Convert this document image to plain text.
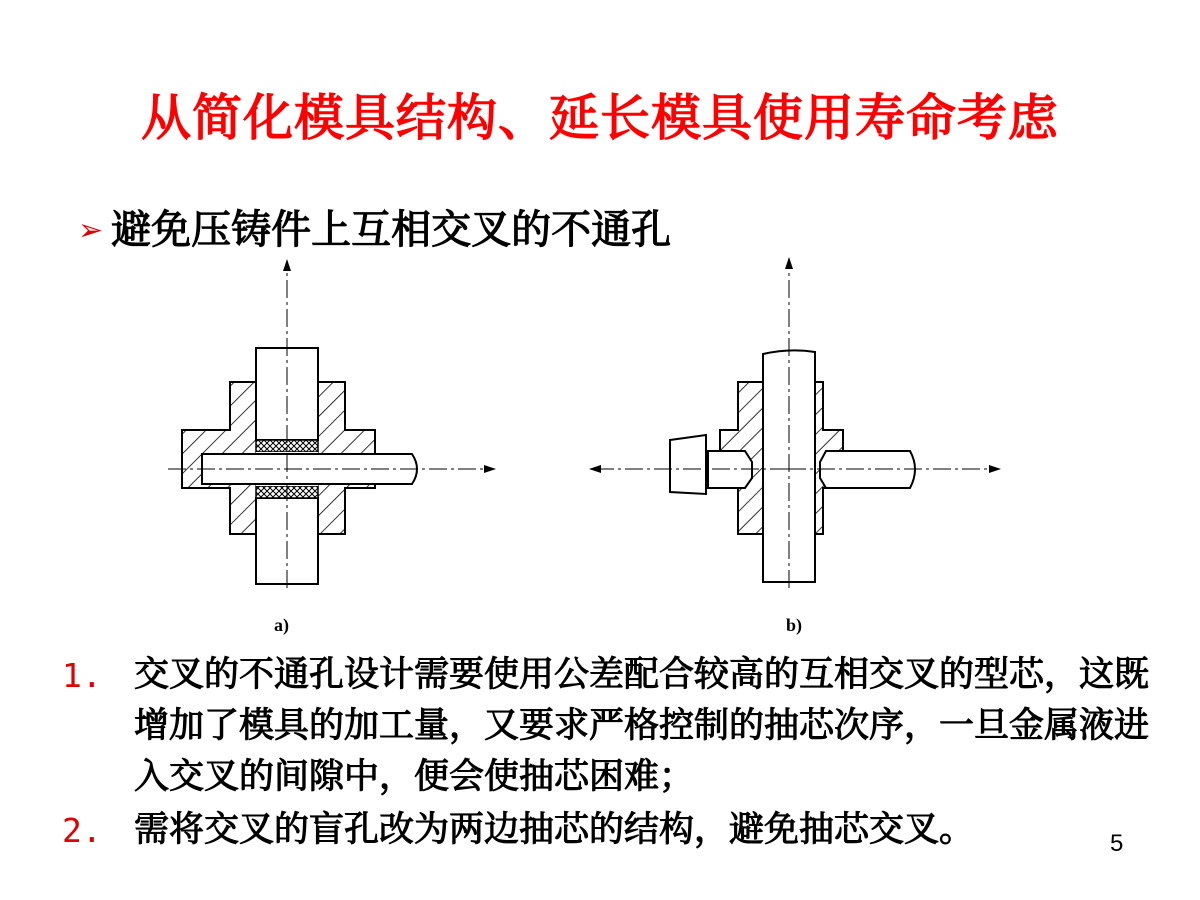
从简化模具结构、延长模具使用寿命考虑
➢ 避免压铸件上互相交叉的不通孔
a)	b)
1. 交叉的不通孔设计需要使用公差配合较高的互相交叉的型芯，这既增加了模具的加工量，又要求严格控制的抽芯次序，一旦金属液进入交叉的间隙中，便会使抽芯困难；
2. 需将交叉的盲孔改为两边抽芯的结构，避免抽芯交叉。	5
